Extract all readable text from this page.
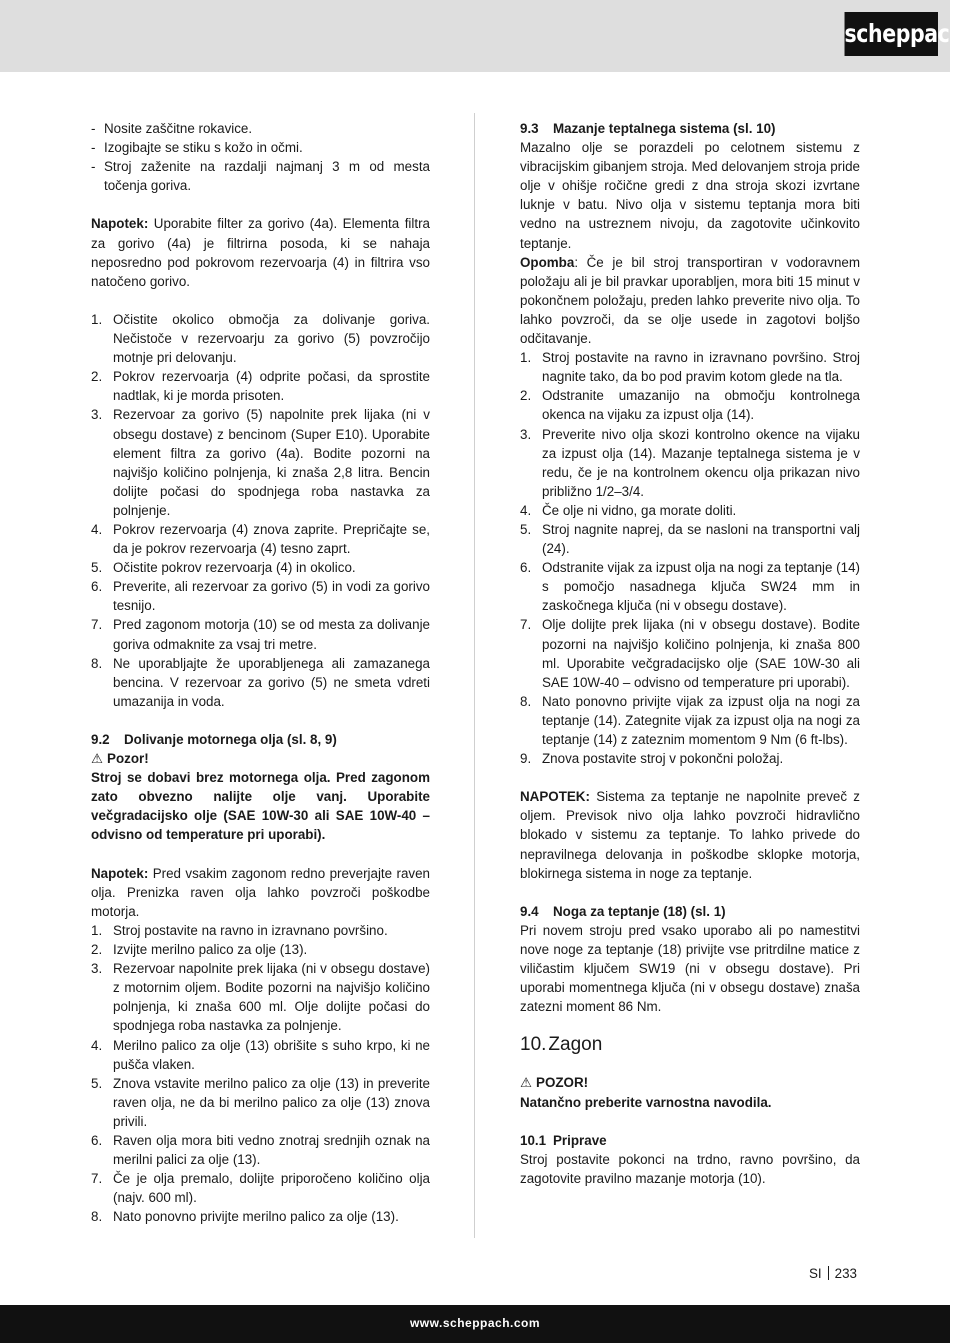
scheppach
- Nosite zaščitne rokavice.
- Izogibajte se stiku s kožo in očmi.
- Stroj zaženite na razdalji najmanj 3 m od mesta točenja goriva.

Napotek: Uporabite filter za gorivo (4a). Elementa filtra za gorivo (4a) je filtrirna posoda, ki se nahaja neposredno pod pokrovom rezervoarja (4) in filtrira vso natočeno gorivo.

1. Očistite okolico območja za dolivanje goriva. Nečistoče v rezervoarju za gorivo (5) povzročijo motnje pri delovanju.
2. Pokrov rezervoarja (4) odprite počasi, da sprostite nadtlak, ki je morda prisoten.
3. Rezervoar za gorivo (5) napolnite prek lijaka (ni v obsegu dostave) z bencinom (Super E10). Uporabite element filtra za gorivo (4a). Bodite pozorni na najvišjo količino polnjenja, ki znaša 2,8 litra. Bencin dolijte počasi do spodnjega roba nastavka za polnjenje.
4. Pokrov rezervoarja (4) znova zaprite. Prepričajte se, da je pokrov rezervoarja (4) tesno zaprt.
5. Očistite pokrov rezervoarja (4) in okolico.
6. Preverite, ali rezervoar za gorivo (5) in vodi za gorivo tesnijo.
7. Pred zagonom motorja (10) se od mesta za dolivanje goriva odmaknite za vsaj tri metre.
8. Ne uporabljajte že uporabljenega ali zamazanega bencina. V rezervoar za gorivo (5) ne smeta vdreti umazanija in voda.
9.2 Dolivanje motornega olja (sl. 8, 9)
⚠ Pozor!

Stroj se dobavi brez motornega olja. Pred zagonom zato obvezno nalijte olje vanj. Uporabite večgradacijsko olje (SAE 10W-30 ali SAE 10W-40 – odvisno od temperature pri uporabi).

Napotek: Pred vsakim zagonom redno preverjajte raven olja. Prenizka raven olja lahko povzroči poškodbe motorja.

1. Stroj postavite na ravno in izravnano površino.
2. Izvijte merilno palico za olje (13).
3. Rezervoar napolnite prek lijaka (ni v obsegu dostave) z motornim oljem. Bodite pozorni na najvišjo količino polnjenja, ki znaša 600 ml. Olje dolijte počasi do spodnjega roba nastavka za polnjenje.
4. Merilno palico za olje (13) obrišite s suho krpo, ki ne pušča vlaken.
5. Znova vstavite merilno palico za olje (13) in preverite raven olja, ne da bi merilno palico za olje (13) znova privili.
6. Raven olja mora biti vedno znotraj srednjih oznak na merilni palici za olje (13).
7. Če je olja premalo, dolijte priporočeno količino olja (najv. 600 ml).
8. Nato ponovno privijte merilno palico za olje (13).
9.3 Mazanje teptalnega sistema (sl. 10)

Mazalno olje se porazdeli po celotnem sistemu z vibracijskim gibanjem stroja. Med delovanjem stroja pride olje v ohišje ročične gredi z dna stroja skozi izvrtane luknje v batu. Nivo olja v sistemu teptanja mora biti vedno na ustreznem nivoju, da zagotovite učinkovito teptanje.

Opomba: Če je bil stroj transportiran v vodoravnem položaju ali je bil pravkar uporabljen, mora biti 15 minut v pokončnem položaju, preden lahko preverite nivo olja. To lahko povzroči, da se olje usede in zagotovi boljšo odčitavanje.

1. Stroj postavite na ravno in izravnano površino. Stroj nagnite tako, da bo pod pravim kotom glede na tla.
2. Odstranite umazanijo na območju kontrolnega okenca na vijaku za izpust olja (14).
3. Preverite nivo olja skozi kontrolno okence na vijaku za izpust olja (14). Mazanje teptalnega sistema je v redu, če je na kontrolnem okencu olja prikazan nivo približno 1/2–3/4.
4. Če olje ni vidno, ga morate doliti.
5. Stroj nagnite naprej, da se nasloni na transportni valj (24).
6. Odstranite vijak za izpust olja na nogi za teptanje (14) s pomočjo nasadnega ključa SW24 mm in zaskočnega ključa (ni v obsegu dostave).
7. Olje dolijte prek lijaka (ni v obsegu dostave). Bodite pozorni na najvišjo količino polnjenja, ki znaša 800 ml. Uporabite večgradacijsko olje (SAE 10W-30 ali SAE 10W-40 – odvisno od temperature pri uporabi).
8. Nato ponovno privijte vijak za izpust olja na nogi za teptanje (14). Zategnite vijak za izpust olja na nogi za teptanje (14) z zateznim momentom 9 Nm (6 ft-lbs).
9. Znova postavite stroj v pokončni položaj.

NAPOTEK: Sistema za teptanje ne napolnite preveč z oljem. Previsok nivo olja lahko povzroči hidravlično blokado v sistemu za teptanje. To lahko privede do nepravilnega delovanja in poškodbe sklopke motorja, blokirnega sistema in noge za teptanje.

9.4 Noga za teptanje (18) (sl. 1)

Pri novem stroju pred vsako uporabo ali po namestitvi nove noge za teptanje (18) privijte vse pritrdilne matice z viličastim ključem SW19 (ni v obsegu dostave). Pri uporabi momentnega ključa (ni v obsegu dostave) znaša zatezni moment 86 Nm.

10. Zagon
⚠ POZOR!
Natančno preberite varnostna navodila.
10.1 Priprave

Stroj postavite pokonci na trdno, ravno površino, da zagotovite pravilno mazanje motorja (10).

SI 233
www.scheppach.com
